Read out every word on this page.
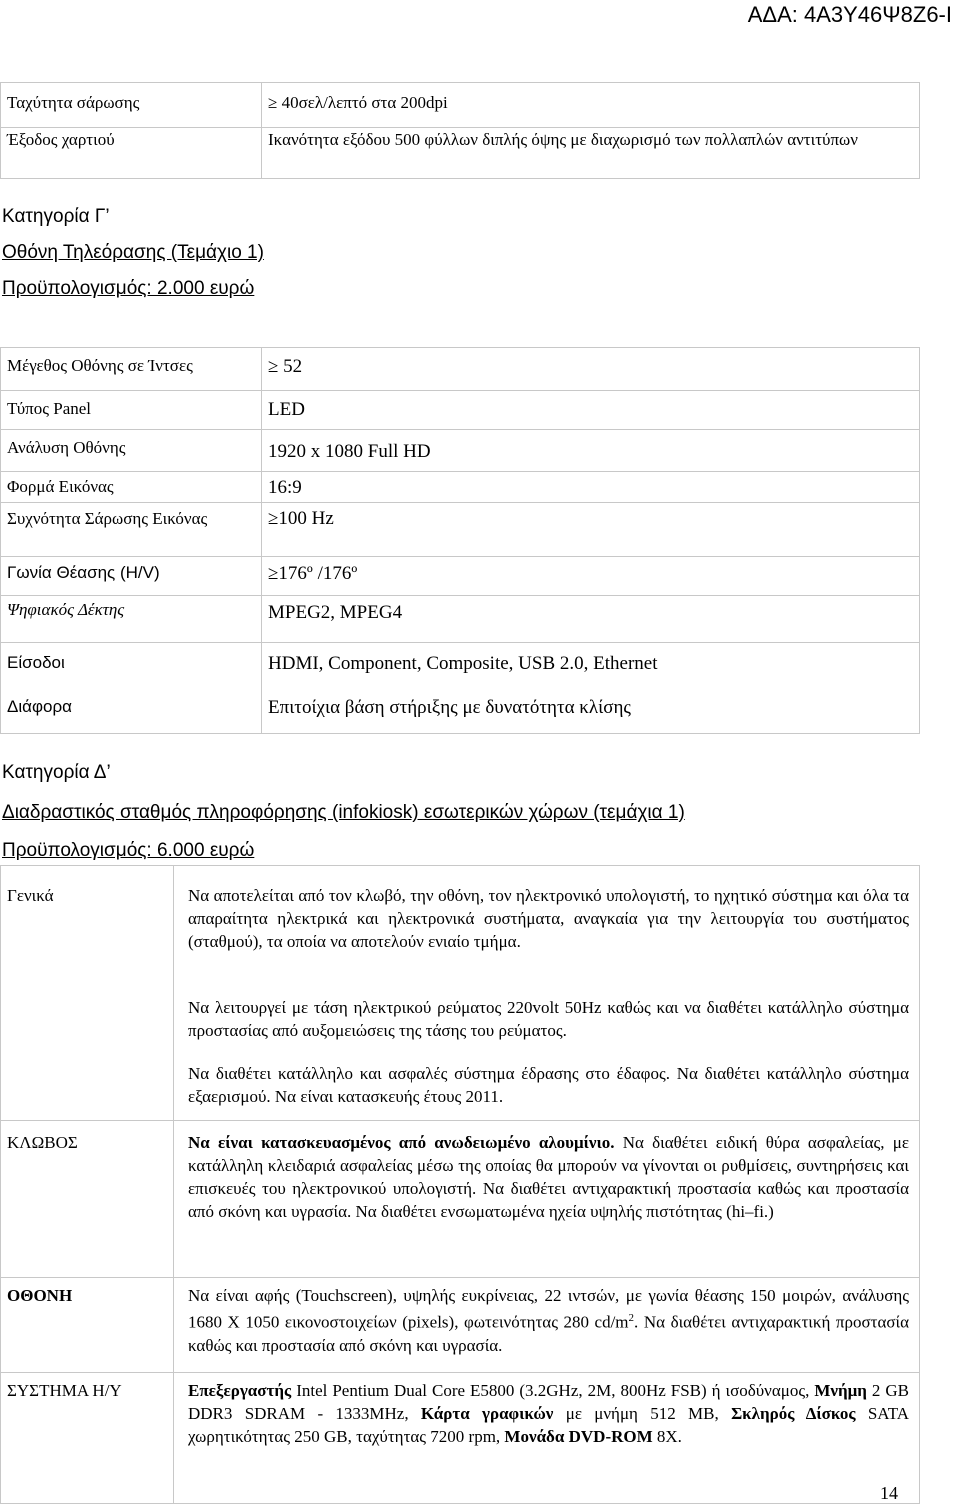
ΑΔΑ: 4Α3Υ46Ψ8Ζ6-Ι
Ταχύτητα σάρωσης	≥ 40σελ/λεπτό στα 200dpi
Έξοδος χαρτιού	Ικανότητα εξόδου 500 φύλλων διπλής όψης με διαχωρισμό των πολλαπλών αντιτύπων
Κατηγορία Γ’
Οθόνη Τηλεόρασης (Τεμάχιο 1)
Προϋπολογισμός: 2.000 ευρώ
Μέγεθος Οθόνης σε Ίντσες	≥ 52
Τύπος Panel	LED
Ανάλυση Οθόνης	1920 x 1080 Full HD
Φορμά Εικόνας	16:9
Συχνότητα Σάρωσης Εικόνας	≥100 Hz
Γωνία Θέασης (H/V)	≥176º /176º
Ψηφιακός Δέκτης	MPEG2, MPEG4
Είσοδοι	HDMI, Component, Composite, USB 2.0, Ethernet
Διάφορα	Επιτοίχια βάση στήριξης με δυνατότητα κλίσης
Κατηγορία Δ’
Διαδραστικός σταθμός πληροφόρησης (infokiosk) εσωτερικών χώρων (τεμάχια 1)
Προϋπολογισμός: 6.000 ευρώ
Γενικά	Να αποτελείται από τον κλωβό, την οθόνη, τον ηλεκτρονικό υπολογιστή, το ηχητικό σύστημα και όλα τα απαραίτητα ηλεκτρικά και ηλεκτρονικά συστήματα, αναγκαία για την λειτουργία του συστήματος (σταθμού), τα οποία να αποτελούν ενιαίο τμήμα.
	Να λειτουργεί με τάση ηλεκτρικού ρεύματος 220volt 50Hz καθώς και να διαθέτει κατάλληλο σύστημα προστασίας από αυξομειώσεις της τάσης του ρεύματος.
	Να διαθέτει κατάλληλο και ασφαλές σύστημα έδρασης στο έδαφος. Να διαθέτει κατάλληλο σύστημα εξαερισμού. Να είναι κατασκευής έτους 2011.
ΚΛΩΒΟΣ	Να είναι κατασκευασμένος από ανωδειωμένο αλουμίνιο. Να διαθέτει ειδική θύρα ασφαλείας, με κατάλληλη κλειδαριά ασφαλείας μέσω της οποίας θα μπορούν να γίνονται οι ρυθμίσεις, συντηρήσεις και επισκευές του ηλεκτρονικού υπολογιστή. Να διαθέτει αντιχαρακτική προστασία καθώς και προστασία από σκόνη και υγρασία. Να διαθέτει ενσωματωμένα ηχεία υψηλής πιστότητας (hi–fi.)
ΟΘΟΝΗ	Να είναι αφής (Touchscreen), υψηλής ευκρίνειας, 22 ιντσών, με γωνία θέασης 150 μοιρών, ανάλυσης 1680 Χ 1050 εικονοστοιχείων (pixels), φωτεινότητας 280 $cd/m^2$. Να διαθέτει αντιχαρακτική προστασία καθώς και προστασία από σκόνη και υγρασία.
ΣΥΣΤΗΜΑ Η/Υ	Επεξεργαστής Intel Pentium Dual Core E5800 (3.2GHz, 2M, 800Hz FSB) ή ισοδύναμος, Μνήμη 2 GB DDR3 SDRAM - 1333MHz, Κάρτα γραφικών με μνήμη 512 MB, Σκληρός Δίσκος SATA χωρητικότητας 250 GB, ταχύτητας 7200 rpm, Μονάδα DVD-ROM 8X.
14
